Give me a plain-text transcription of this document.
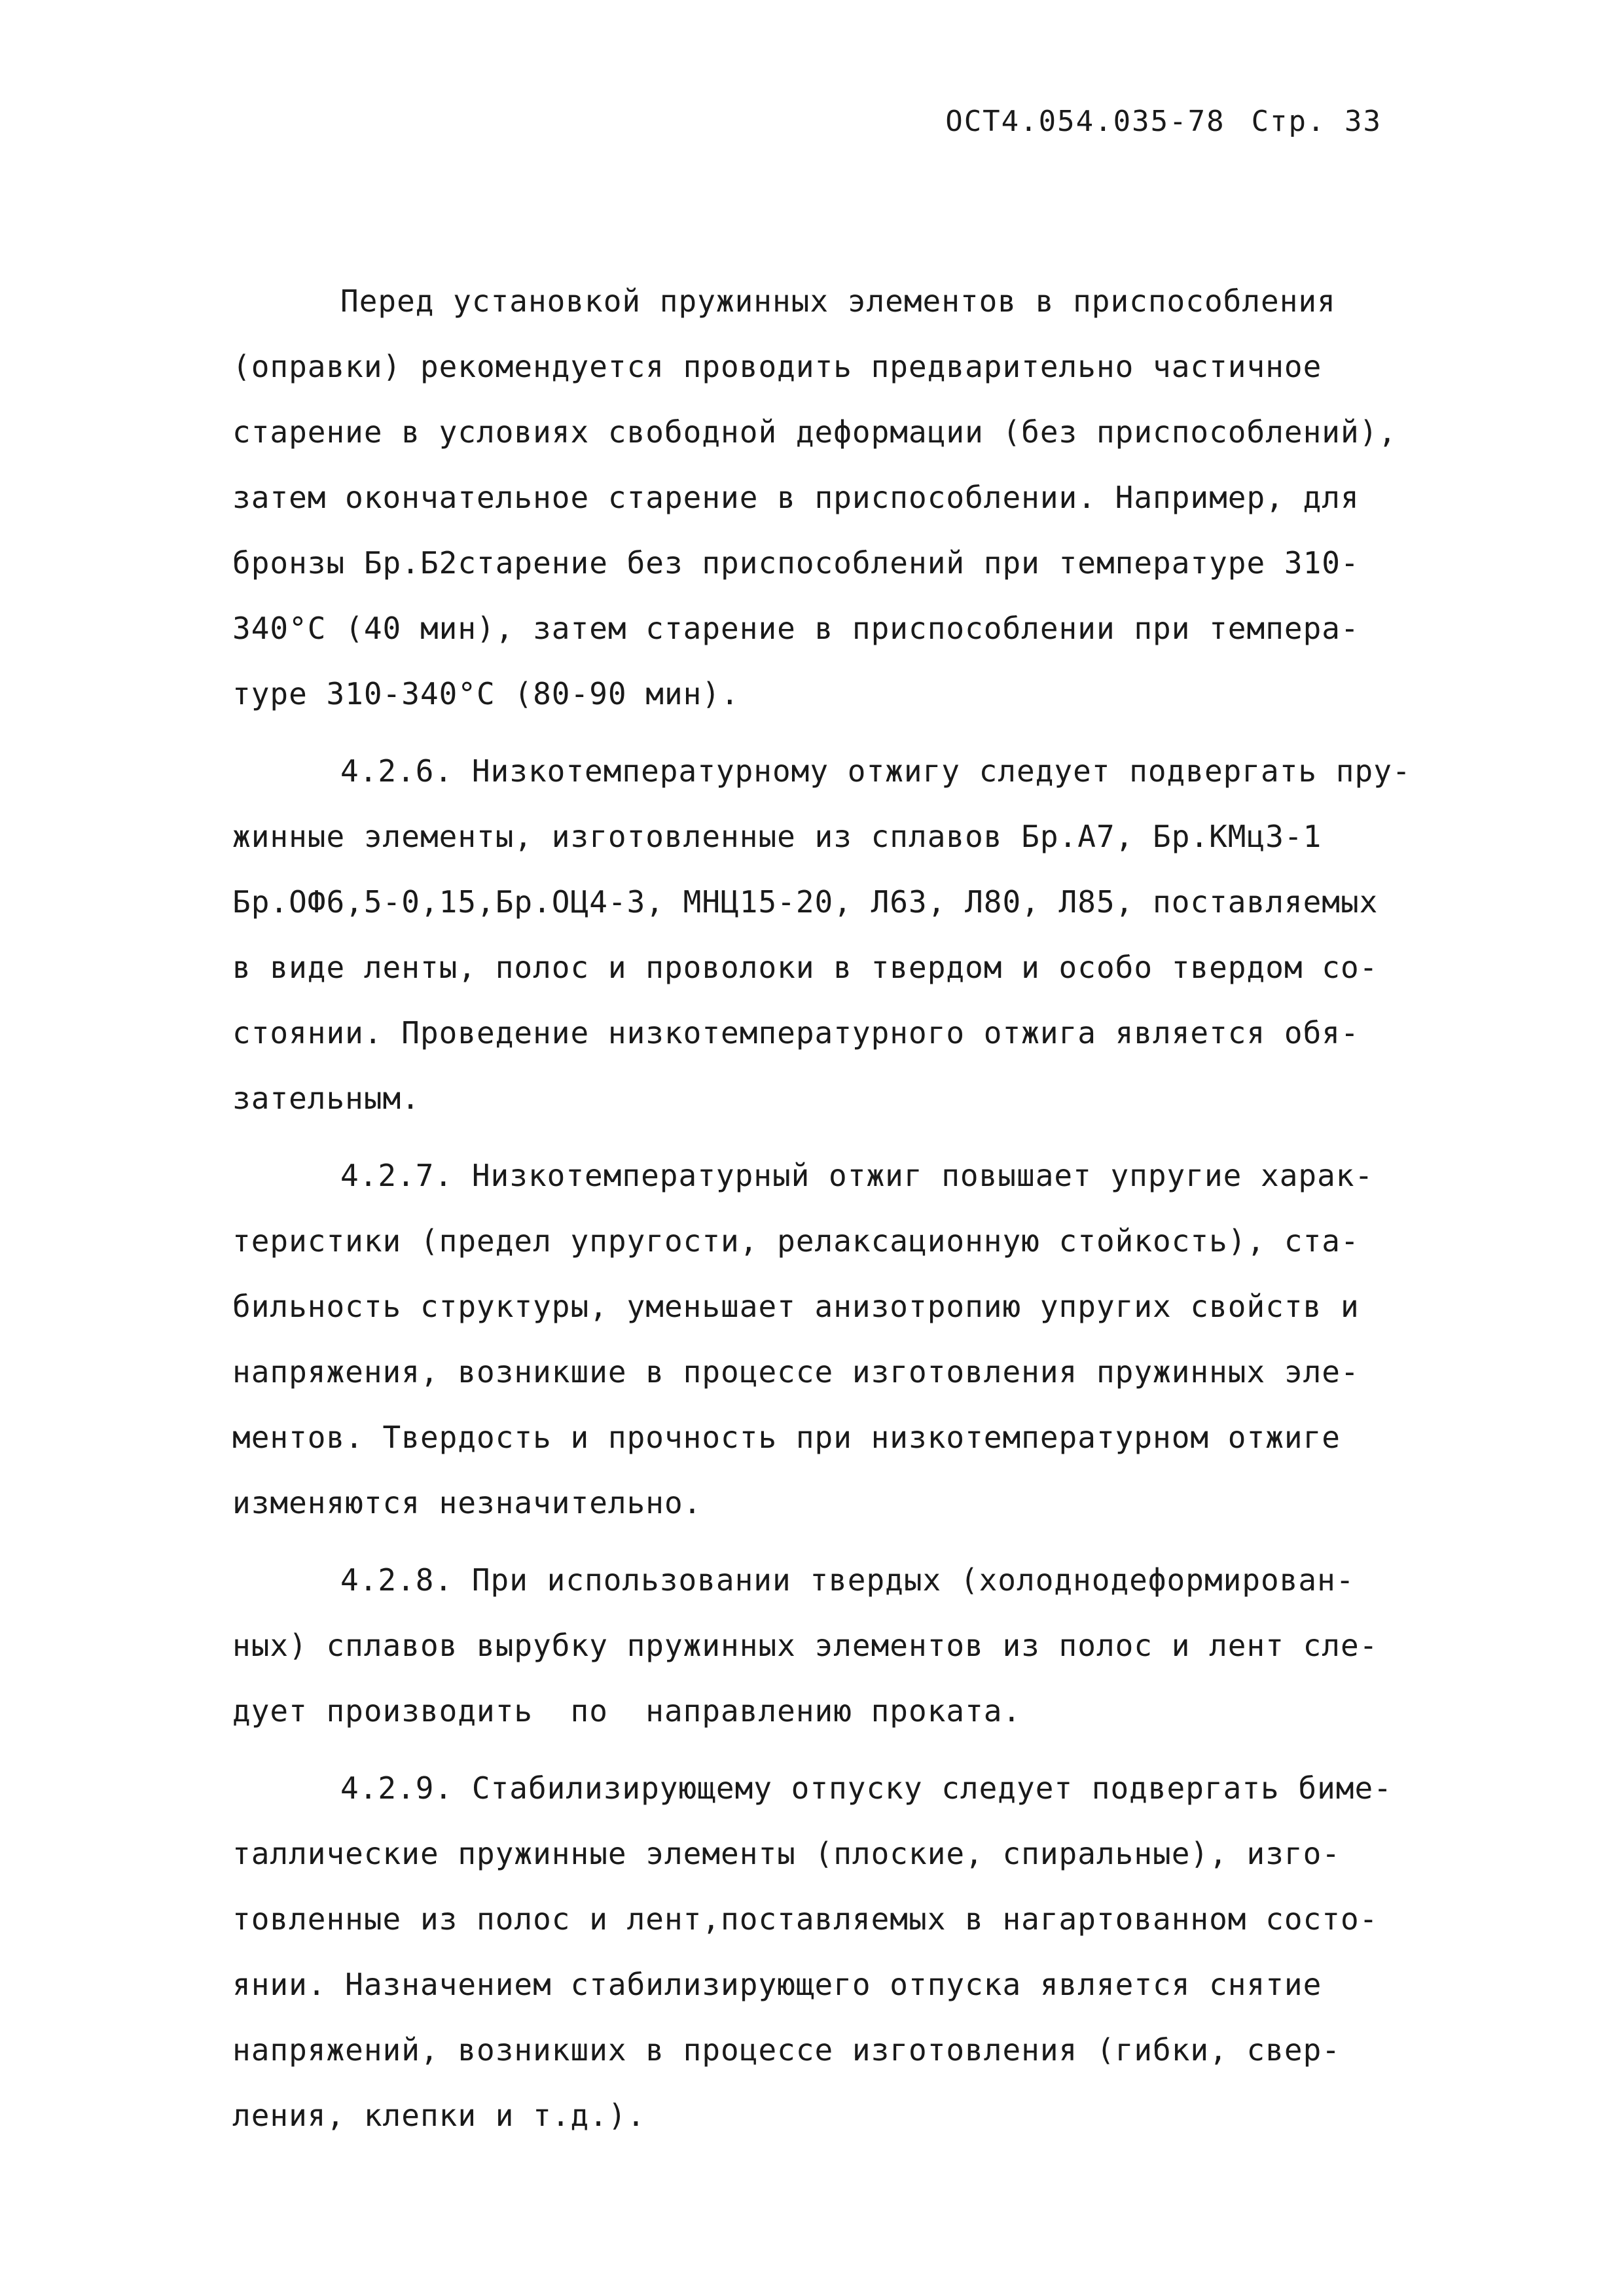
ОСТ4.054.035-78 Стр. 33
Перед установкой пружинных элементов в приспособления
(оправки) рекомендуется проводить предварительно частичное
старение в условиях свободной деформации (без приспособлений),
затем окончательное старение в приспособлении. Например, для
бронзы Бр.Б2старение без приспособлений при температуре 310-
340°С (40 мин), затем старение в приспособлении при темпера-
туре 310-340°С (80-90 мин).
4.2.6. Низкотемпературному отжигу следует подвергать пру-
жинные элементы, изготовленные из сплавов Бр.А7, Бр.КМц3-1
Бр.ОФ6,5-0,15,Бр.ОЦ4-3, МНЦ15-20, Л63, Л80, Л85, поставляемых
в виде ленты, полос и проволоки в твердом и особо твердом со-
стоянии. Проведение низкотемпературного отжига является обя-
зательным.
4.2.7. Низкотемпературный отжиг повышает упругие харак-
теристики (предел упругости, релаксационную стойкость), ста-
бильность структуры, уменьшает анизотропию упругих свойств и
напряжения, возникшие в процессе изготовления пружинных эле-
ментов. Твердость и прочность при низкотемпературном отжиге
изменяются незначительно.
4.2.8. При использовании твердых (холоднодеформирован-
ных) сплавов вырубку пружинных элементов из полос и лент сле-
дует производить  по  направлению прокатa.
4.2.9. Стабилизирующему отпуску следует подвергать биме-
таллические пружинные элементы (плоские, спиральные), изго-
товленные из полос и лент,поставляемых в нагартованном состо-
янии. Назначением стабилизирующего отпуска является снятие
напряжений, возникших в процессе изготовления (гибки, свер-
ления, клепки и т.д.).
